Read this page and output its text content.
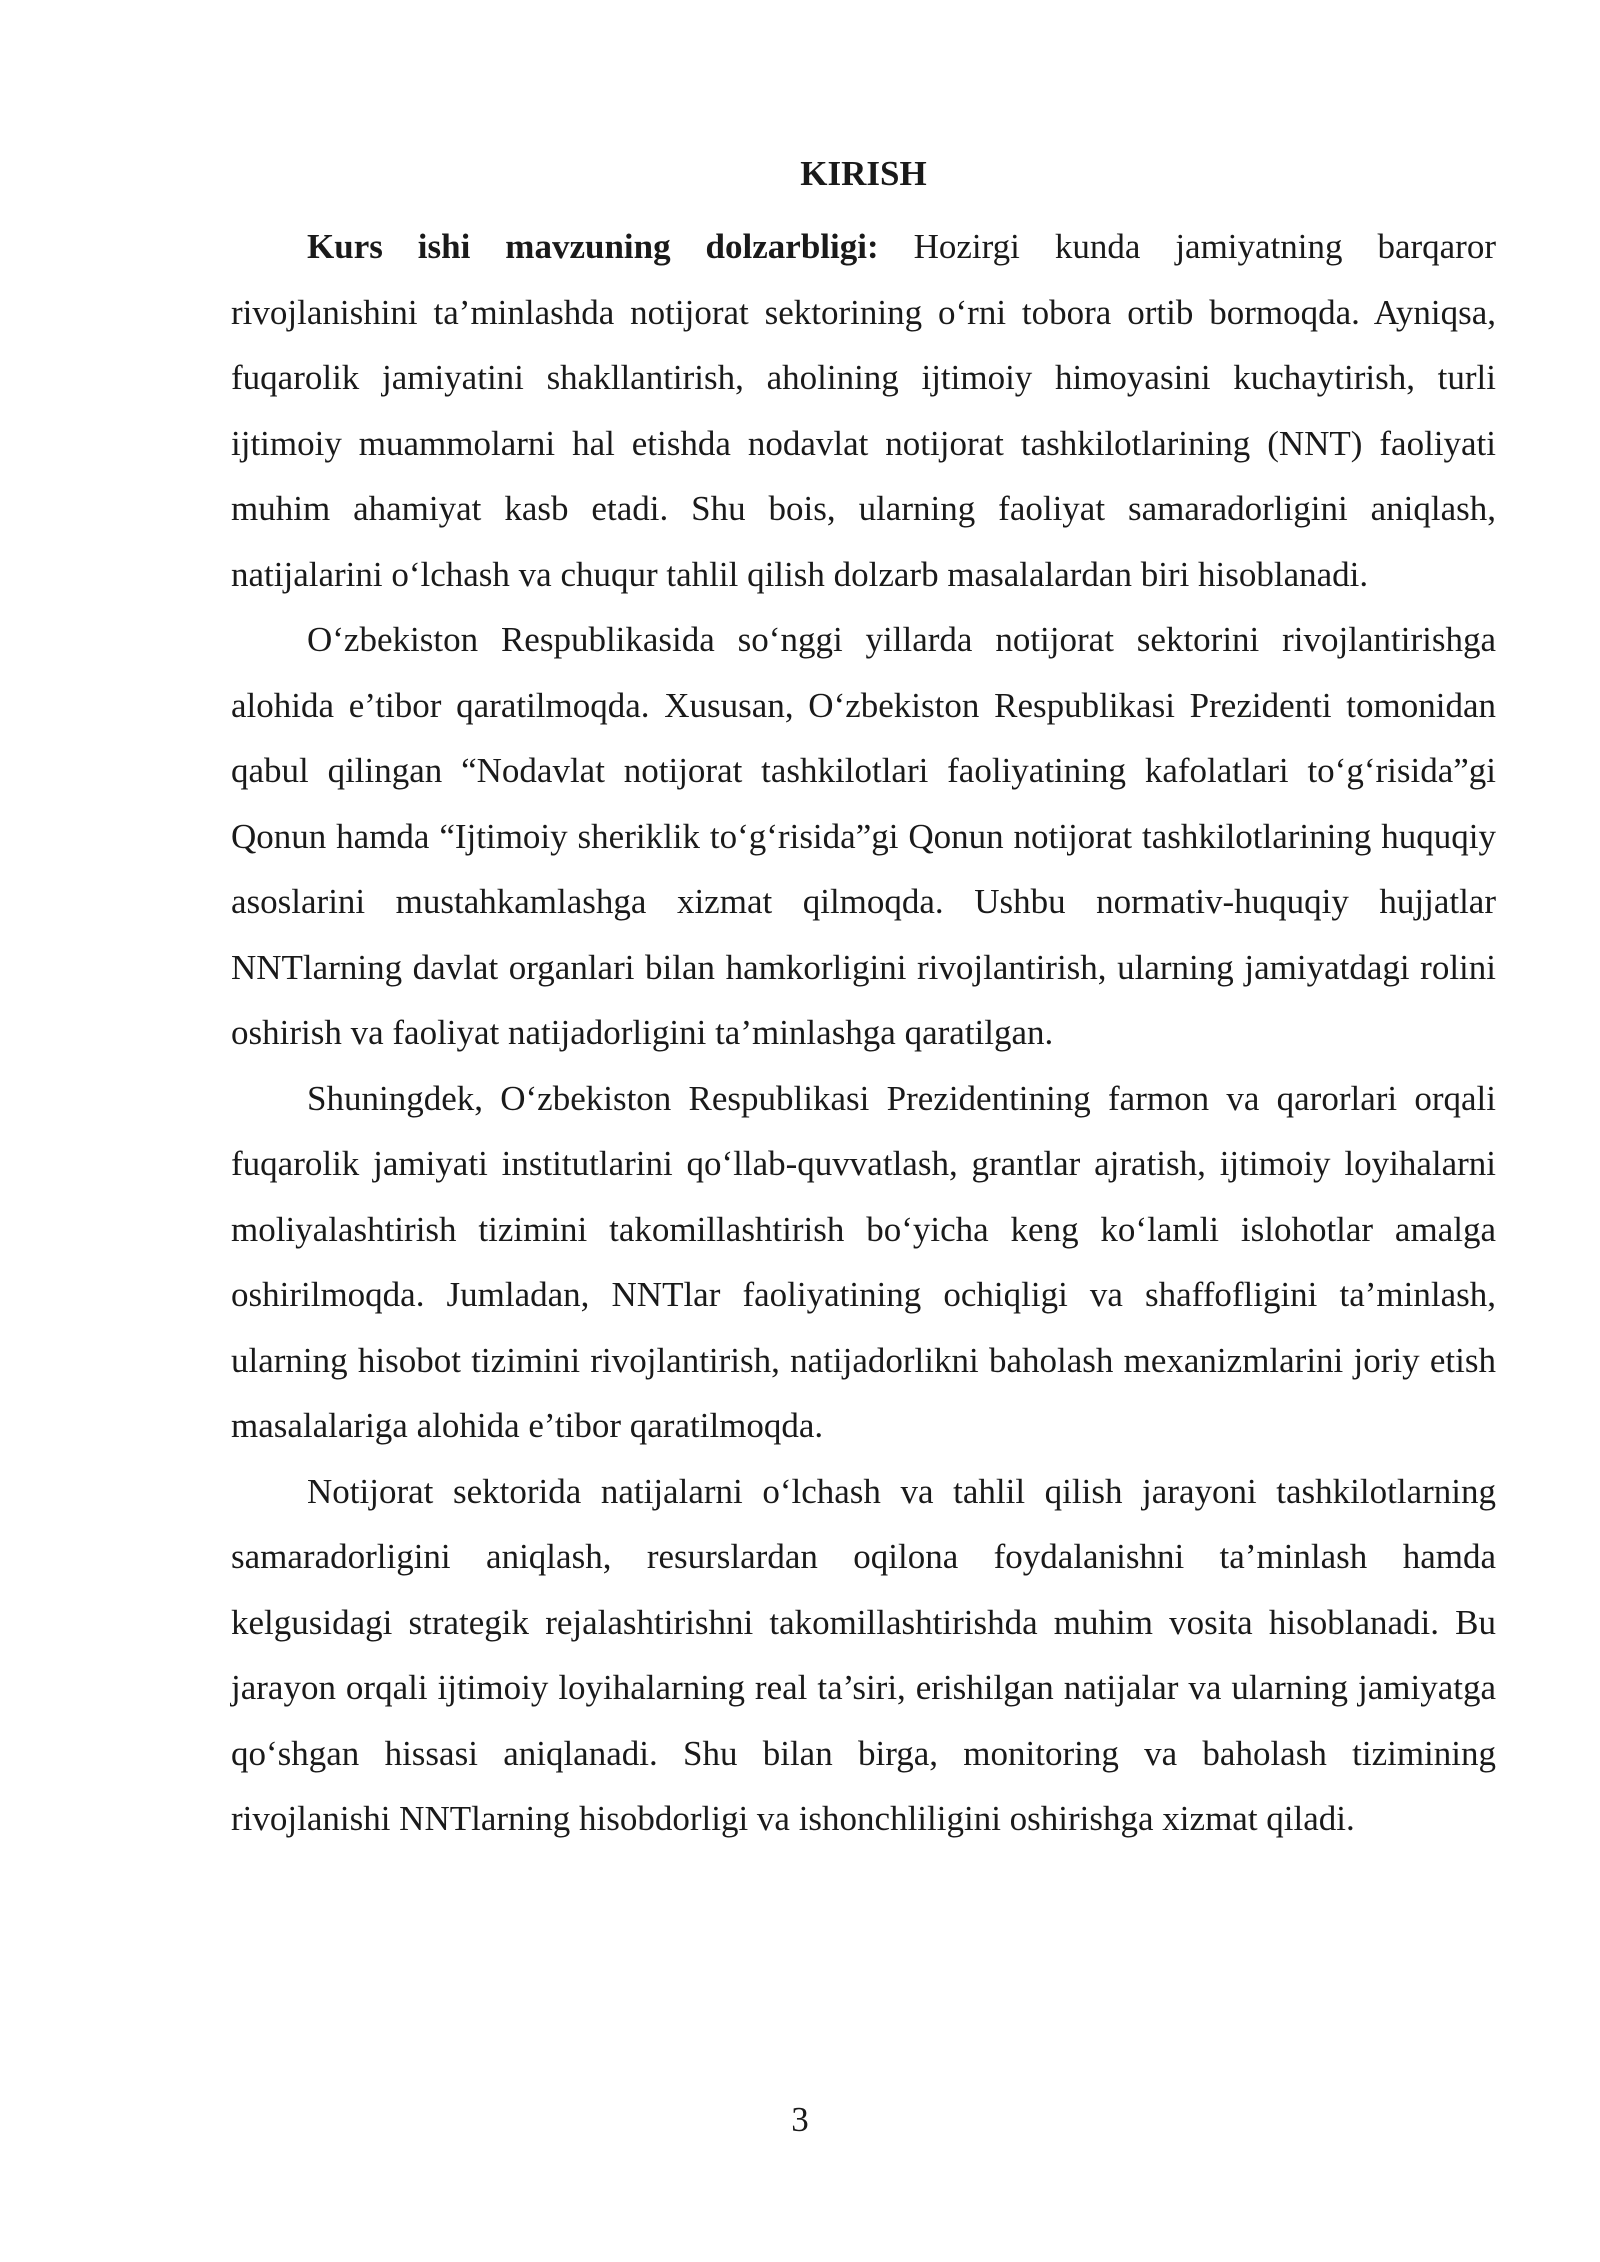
KIRISH

Kurs ishi mavzuning dolzarbligi: Hozirgi kunda jamiyatning barqaror rivojlanishini ta’minlashda notijorat sektorining o‘rni tobora ortib bormoqda. Ayniqsa, fuqarolik jamiyatini shakllantirish, aholining ijtimoiy himoyasini kuchaytirish, turli ijtimoiy muammolarni hal etishda nodavlat notijorat tashkilotlarining (NNT) faoliyati muhim ahamiyat kasb etadi. Shu bois, ularning faoliyat samaradorligini aniqlash, natijalarini o‘lchash va chuqur tahlil qilish dolzarb masalalardan biri hisoblanadi.

O‘zbekiston Respublikasida so‘nggi yillarda notijorat sektorini rivojlantirishga alohida e’tibor qaratilmoqda. Xususan, O‘zbekiston Respublikasi Prezidenti tomonidan qabul qilingan “Nodavlat notijorat tashkilotlari faoliyatining kafolatlari to‘g‘risida”gi Qonun hamda “Ijtimoiy sheriklik to‘g‘risida”gi Qonun notijorat tashkilotlarining huquqiy asoslarini mustahkamlashga xizmat qilmoqda. Ushbu normativ-huquqiy hujjatlar NNTlarning davlat organlari bilan hamkorligini rivojlantirish, ularning jamiyatdagi rolini oshirish va faoliyat natijadorligini ta’minlashga qaratilgan.

Shuningdek, O‘zbekiston Respublikasi Prezidentining farmon va qarorlari orqali fuqarolik jamiyati institutlarini qo‘llab-quvvatlash, grantlar ajratish, ijtimoiy loyihalarni moliyalashtirish tizimini takomillashtirish bo‘yicha keng ko‘lamli islohotlar amalga oshirilmoqda. Jumladan, NNTlar faoliyatining ochiqligi va shaffofligini ta’minlash, ularning hisobot tizimini rivojlantirish, natijadorlikni baholash mexanizmlarini joriy etish masalalariga alohida e’tibor qaratilmoqda.

Notijorat sektorida natijalarni o‘lchash va tahlil qilish jarayoni tashkilotlarning samaradorligini aniqlash, resurslardan oqilona foydalanishni ta’minlash hamda kelgusidagi strategik rejalashtirishni takomillashtirishda muhim vosita hisoblanadi. Bu jarayon orqali ijtimoiy loyihalarning real ta’siri, erishilgan natijalar va ularning jamiyatga qo‘shgan hissasi aniqlanadi. Shu bilan birga, monitoring va baholash tizimining rivojlanishi NNTlarning hisobdorligi va ishonchliligini oshirishga xizmat qiladi.

3
